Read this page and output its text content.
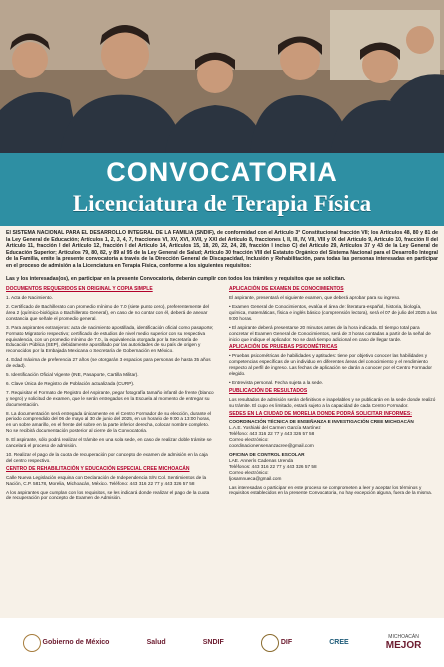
CONVOCATORIA
Licenciatura de Terapia Física

El SISTEMA NACIONAL PARA EL DESARROLLO INTEGRAL DE LA FAMILIA (SNDIF), de conformidad con el Artículo 3° Constitucional fracción VII; los Artículos 48, 80 y 81 de la Ley General de Educación; Artículos 1, 2, 3, 4, 7, fracciones VI, XV, XVI, XVII, y XXI del Artículo 8, fracciones I, II, III, IV, VII, VIII y IX del Artículo 9, Artículo 10, fracción II del Artículo 11, fracción I del Artículo 12, fracción I del Artículo 14, Artículos 15, 18, 20, 22, 24, 28, fracción I inciso C) del Artículo 29, Artículos 37 y 43 de la Ley General de Educación Superior; Artículos 79, 80, 82, y 89 al 95 de la Ley General de Salud; Artículo 30 fracción VIII del Estatuto Orgánico del Sistema Nacional para el Desarrollo Integral de la Familia, emite la presente convocatoria a través de la Dirección General de Discapacidad, Inclusión y Rehabilitación, para todas las personas interesadas en participar en el proceso de admisión a la Licenciatura en Terapia Física, conforme a los siguientes requisitos:

Las y los interesadas(os), en participar en la presente Convocatoria, deberán cumplir con todos los trámites y requisitos que se solicitan.

DOCUMENTOS REQUERIDOS EN ORIGINAL Y COPIA SIMPLE

1. Acta de Nacimiento.

2. Certificado de Bachillerato con promedio mínimo de 7.0 (siete punto cero), preferentemente del área 2 (químico-biológica o Bachillerato General), en caso de no contar con él, deberá de anexar constancia que señale el promedio general.

3. Para aspirantes extranjeros: acta de nacimiento apostillada, identificación oficial como pasaporte; Formato Migratorio respectivo; certificado de estudios de nivel medio superior con su respectiva equivalencia, con un promedio mínimo de 7.0., la equivalencia otorgada por la Secretaría de Educación Pública (SEP), debidamente apostillado por las autoridades de su país de origen y reconocidos por la Embajada Mexicana o Secretaría de Gobernación en México.

4. Edad máxima de preferencia 27 años (se otorgarán 3 espacios para personas de hasta 35 años de edad).

5. Identificación Oficial Vigente (INE, Pasaporte, Cartilla Militar).

6. Clave Única de Registro de Población actualizada (CURP).

7. Requisitar el Formato de Registro del Aspirante, pegar fotografía tamaño infantil de frente (blanco y negro) y solicitud de examen, que le serán entregados en la Escuela al momento de entregar su documentación.

8. La documentación será entregada únicamente en el Centro Formador de su elección, durante el periodo comprendido del 06 de mayo al 30 de junio del 2025, en un horario de 9:00 a 13:00 horas, en un sobre amarillo, en el frente del sobre en la parte inferior derecha, colocar nombre completo. No se recibirá documentación posterior al cierre de la Convocatoria.

9. El aspirante, sólo podrá realizar el trámite en una sola sede, en caso de realizar doble trámite se cancelará el proceso de admisión.

10. Realizar el pago de la cuota de recuperación por concepto de examen de admisión en la caja del centro respectivo.

CENTRO DE REHABILITACIÓN Y EDUCACIÓN ESPECIAL CREE MICHOACÁN

Calle Nueva Legislación esquina con Declaración de Independencia S/N Col. Sentimientos de la Nación, C.P. 58178, Morelia, Michoacán, México. Teléfono: 443 316 22 77 y 443 326 57 58

A los aspirantes que cumplan con los requisitos, se les indicará donde realizar el pago de la cuota de recuperación por concepto de Examen de Admisión.

APLICACIÓN DE EXAMEN DE CONOCIMIENTOS

El aspirante, presentará el siguiente examen, que deberá aprobar para su ingreso.

• Examen General de Conocimientos, evalúa el área de: literatura-español, historia, biología, química, matemáticas, física e inglés básico (comprensión lectora), será el 07 de julio del 2025 a las 9:00 horas.

• El aspirante deberá presentarse 20 minutos antes de la hora indicada. El tiempo total para concretar el Examen General de Conocimientos, será de 3 horas contadas a partir de la señal de inicio que indique el aplicador. No se dará tiempo adicional en caso de llegar tarde.

APLICACIÓN DE PRUEBAS PSICOMÉTRICAS

• Pruebas psicométricas de habilidades y aptitudes: tiene por objetivo conocer las habilidades y competencias específicas de un individuo en diferentes áreas del conocimiento y el rendimiento respecto al perfil de ingreso. Las fechas de aplicación se darán a conocer por el Centro Formador elegido.

• Entrevista personal. Fecha sujeta a la sede.

PUBLICACIÓN DE RESULTADOS

Los resultados de admisión serán definitivos e inapelables y se publicarán en la sede donde realizó su trámite. El cupo es limitado, estará sujeto a la capacidad de cada Centro Formador.

SEDES EN LA CIUDAD DE MORELIA DONDE PODRÁ SOLICITAR INFORMES:

COORDINACIÓN TÉCNICA DE ENSEÑANZA E INVESTIGACIÓN CREE MICHOACÁN

L.A.E. Yoshiaki del Carmen García Martínez

Teléfono: 443 316 22 77 y 443 326 57 58

Correo electrónico:

coordinacionensenanzacree@gmail.com

OFICINA DE CONTROL ESCOLAR

LAE. Annerís Cadenas Urenda

Teléfonos: 443 316 22 77 y 443 326 57 58

Correo electrónico:

ljosamnueca@gmail.com

Las interesadas o participar en este proceso se comprometen a leer y aceptar los términos y requisitos establecidos en la presente Convocatoria, no hay excepción alguna, fuera de la misma.

Gobierno de México	Salud	SNDIF	DIF	CREE
MICHOACÁN
MEJOR
